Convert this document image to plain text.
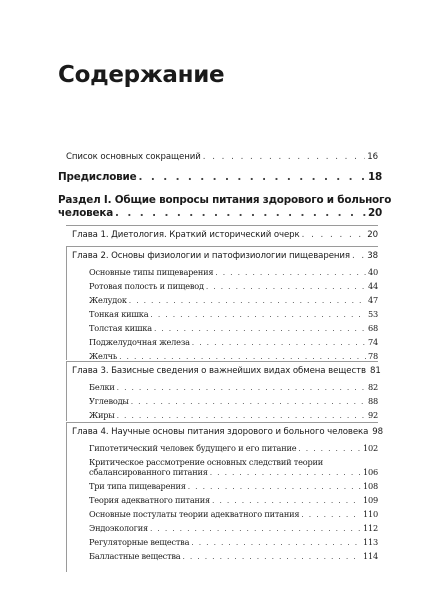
Содержание
Список основных сокращений . . .	16
Предисловие . . .	18
Раздел I. Общие вопросы питания здорового и больного
человека . . .	20
Глава 1. Диетология. Краткий исторический очерк . . .	20
Глава 2. Основы физиологии и патофизиологии пищеварения . . . 38
Основные типы пищеварения . . .	40
Ротовая полость и пищевод . . .	44
Желудок . . .	47
Тонкая кишка . . .	53
Толстая кишка . . .	68
Поджелудочная железа . . .	74
Желчь . . .	78
Глава 3. Базисные сведения о важнейших видах обмена веществ 81
Белки . . .	82
Углеводы . . .	88
Жиры . . .	92
Глава 4. Научные основы питания здорового и больного человека 98
Гипотетический человек будущего и его питание . . .	102
Критическое рассмотрение основных следствий теории
сбалансированного питания . . .	106
Три типа пищеварения . . .	108
Теория адекватного питания . . .	109
Основные постулаты теории адекватного питания . . .	110
Эндоэкология . . .	112
Регуляторные вещества . . .	113
Балластные вещества . . .	114
